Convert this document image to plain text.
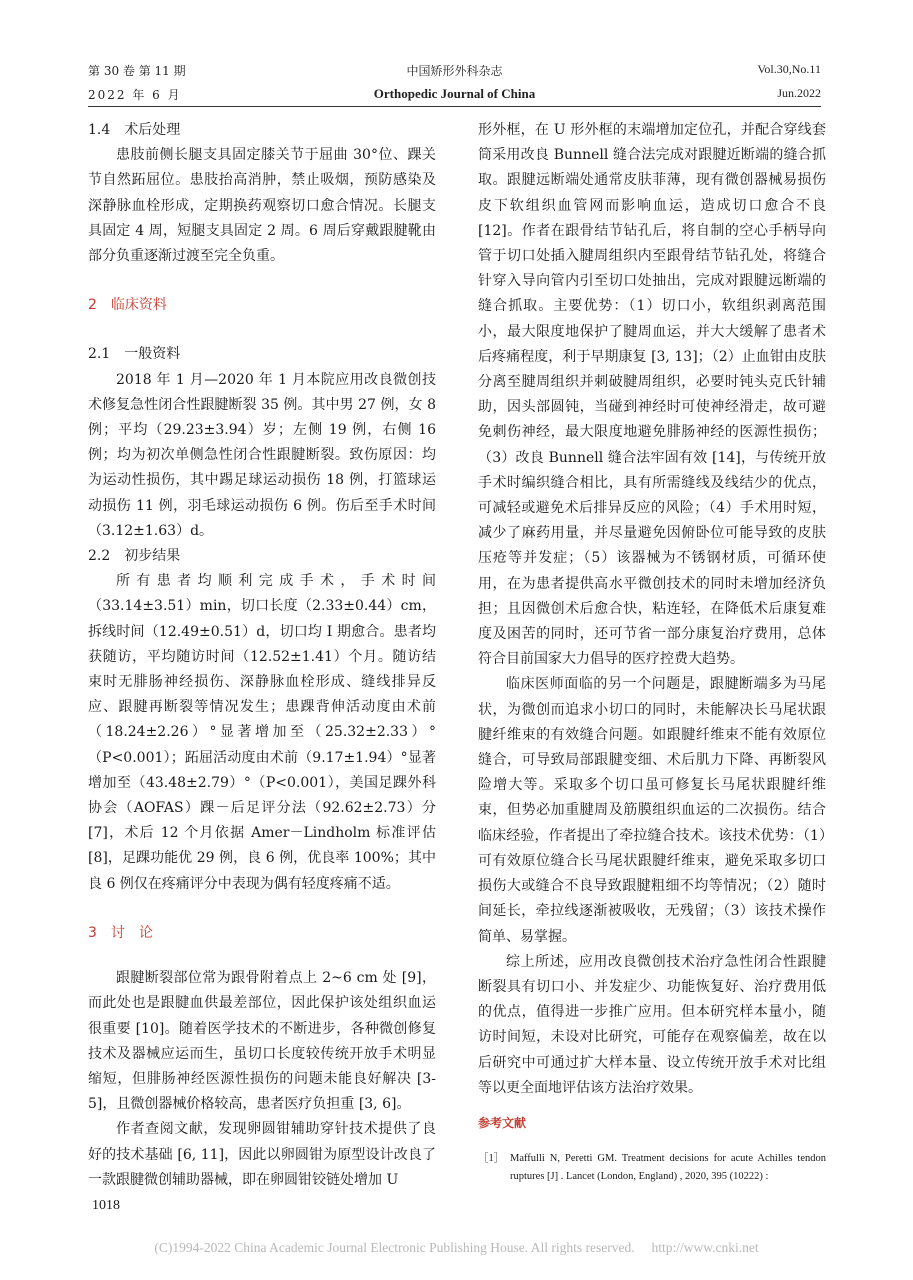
第 30 卷 第 11 期
2022 年 6 月
中国矫形外科杂志
Orthopedic Journal of China
Vol.30,No.11
Jun.2022
1.4　术后处理

患肢前侧长腿支具固定膝关节于屈曲 30°位、踝关节自然跖屈位。患肢抬高消肿，禁止吸烟，预防感染及深静脉血栓形成，定期换药观察切口愈合情况。长腿支具固定 4 周，短腿支具固定 2 周。6 周后穿戴跟腱靴由部分负重逐渐过渡至完全负重。

2　临床资料
2.1　一般资料

2018 年 1 月—2020 年 1 月本院应用改良微创技术修复急性闭合性跟腱断裂 35 例。其中男 27 例，女 8 例；平均（29.23±3.94）岁；左侧 19 例，右侧 16 例；均为初次单侧急性闭合性跟腱断裂。致伤原因：均为运动性损伤，其中踢足球运动损伤 18 例，打篮球运动损伤 11 例，羽毛球运动损伤 6 例。伤后至手术时间（3.12±1.63）d。

2.2　初步结果

所有患者均顺利完成手术，手术时间（33.14±3.51）min，切口长度（2.33±0.44）cm，拆线时间（12.49±0.51）d，切口均 I 期愈合。患者均获随访，平均随访时间（12.52±1.41）个月。随访结束时无腓肠神经损伤、深静脉血栓形成、缝线排异反应、跟腱再断裂等情况发生；患踝背伸活动度由术前（18.24±2.26）°显著增加至（25.32±2.33）°（P<0.001）；跖屈活动度由术前（9.17±1.94）°显著增加至（43.48±2.79）°（P<0.001），美国足踝外科协会（AOFAS）踝－后足评分法（92.62±2.73）分 [7]，术后 12 个月依据 Amer－Lindholm 标准评估 [8]，足踝功能优 29 例，良 6 例，优良率 100%；其中良 6 例仅在疼痛评分中表现为偶有轻度疼痛不适。

3　讨　论

跟腱断裂部位常为跟骨附着点上 2~6 cm 处 [9]，而此处也是跟腱血供最差部位，因此保护该处组织血运很重要 [10]。随着医学技术的不断进步，各种微创修复技术及器械应运而生，虽切口长度较传统开放手术明显缩短，但腓肠神经医源性损伤的问题未能良好解决 [3-5]，且微创器械价格较高，患者医疗负担重 [3, 6]。

作者查阅文献，发现卵圆钳辅助穿针技术提供了良好的技术基础 [6, 11]，因此以卵圆钳为原型设计改良了一款跟腱微创辅助器械，即在卵圆钳铰链处增加 U

形外框，在 U 形外框的末端增加定位孔，并配合穿线套筒采用改良 Bunnell 缝合法完成对跟腱近断端的缝合抓取。跟腱远断端处通常皮肤菲薄，现有微创器械易损伤皮下软组织血管网而影响血运，造成切口愈合不良 [12]。作者在跟骨结节钻孔后，将自制的空心手柄导向管于切口处插入腱周组织内至跟骨结节钻孔处，将缝合针穿入导向管内引至切口处抽出，完成对跟腱远断端的缝合抓取。主要优势：（1）切口小，软组织剥离范围小，最大限度地保护了腱周血运，并大大缓解了患者术后疼痛程度，利于早期康复 [3, 13]；（2）止血钳由皮肤分离至腱周组织并刺破腱周组织，必要时钝头克氏针辅助，因头部圆钝，当碰到神经时可使神经滑走，故可避免刺伤神经，最大限度地避免腓肠神经的医源性损伤；（3）改良 Bunnell 缝合法牢固有效 [14]，与传统开放手术时编织缝合相比，具有所需缝线及线结少的优点，可减轻或避免术后排异反应的风险；（4）手术用时短，减少了麻药用量，并尽量避免因俯卧位可能导致的皮肤压疮等并发症；（5）该器械为不锈钢材质，可循环使用，在为患者提供高水平微创技术的同时未增加经济负担；且因微创术后愈合快，粘连轻，在降低术后康复难度及困苦的同时，还可节省一部分康复治疗费用，总体符合目前国家大力倡导的医疗控费大趋势。

临床医师面临的另一个问题是，跟腱断端多为马尾状，为微创而追求小切口的同时，未能解决长马尾状跟腱纤维束的有效缝合问题。如跟腱纤维束不能有效原位缝合，可导致局部跟腱变细、术后肌力下降、再断裂风险增大等。采取多个切口虽可修复长马尾状跟腱纤维束，但势必加重腱周及筋膜组织血运的二次损伤。结合临床经验，作者提出了牵拉缝合技术。该技术优势：（1）可有效原位缝合长马尾状跟腱纤维束，避免采取多切口损伤大或缝合不良导致跟腱粗细不均等情况；（2）随时间延长，牵拉线逐渐被吸收，无残留；（3）该技术操作简单、易掌握。

综上所述，应用改良微创技术治疗急性闭合性跟腱断裂具有切口小、并发症少、功能恢复好、治疗费用低的优点，值得进一步推广应用。但本研究样本量小，随访时间短，未设对比研究，可能存在观察偏差，故在以后研究中可通过扩大样本量、设立传统开放手术对比组等以更全面地评估该方法治疗效果。

参考文献
［1］ Maffulli N, Peretti GM. Treatment decisions for acute Achilles tendon ruptures [J] . Lancet (London, England) , 2020, 395 (10222) :
1018
(C)1994-2022 China Academic Journal Electronic Publishing House. All rights reserved.　 http://www.cnki.net
